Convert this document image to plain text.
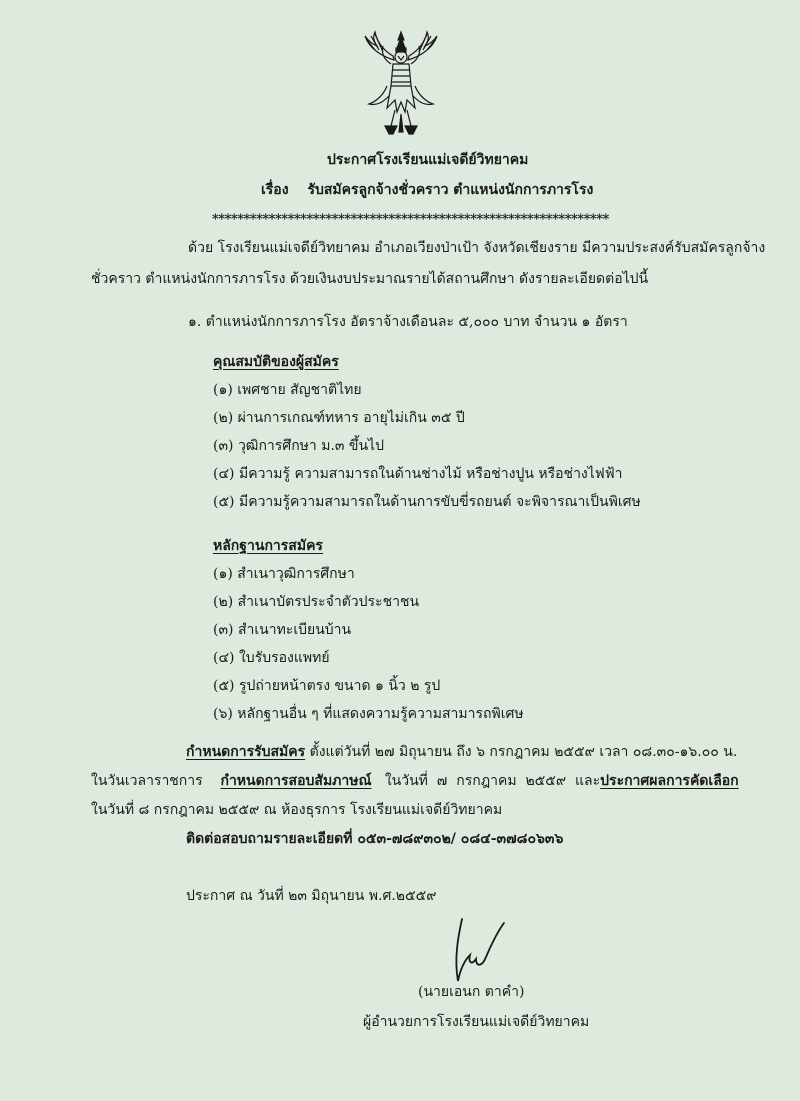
ประกาศโรงเรียนแม่เจดีย์วิทยาคม
เรื่อง รับสมัครลูกจ้างชั่วคราว ตำแหน่งนักการภารโรง
***************************************************************
ด้วย โรงเรียนแม่เจดีย์วิทยาคม อำเภอเวียงป่าเป้า จังหวัดเชียงราย มีความประสงค์รับสมัครลูกจ้าง
ชั่วคราว ตำแหน่งนักการภารโรง ด้วยเงินงบประมาณรายได้สถานศึกษา ดังรายละเอียดต่อไปนี้
๑. ตำแหน่งนักการภารโรง อัตราจ้างเดือนละ ๕,๐๐๐ บาท จำนวน ๑ อัตรา
คุณสมบัติของผู้สมัคร
(๑) เพศชาย สัญชาติไทย
(๒) ผ่านการเกณฑ์ทหาร อายุไม่เกิน ๓๕ ปี
(๓) วุฒิการศึกษา ม.๓ ขึ้นไป
(๔) มีความรู้ ความสามารถในด้านช่างไม้ หรือช่างปูน หรือช่างไฟฟ้า
(๕) มีความรู้ความสามารถในด้านการขับขี่รถยนต์ จะพิจารณาเป็นพิเศษ
หลักฐานการสมัคร
(๑) สำเนาวุฒิการศึกษา
(๒) สำเนาบัตรประจำตัวประชาชน
(๓) สำเนาทะเบียนบ้าน
(๔) ใบรับรองแพทย์
(๕) รูปถ่ายหน้าตรง ขนาด ๑ นิ้ว ๒ รูป
(๖) หลักฐานอื่น ๆ ที่แสดงความรู้ความสามารถพิเศษ
กำหนดการรับสมัคร ตั้งแต่วันที่ ๒๗ มิถุนายน ถึง ๖ กรกฎาคม ๒๕๕๙ เวลา ๐๘.๓๐-๑๖.๐๐ น.
ในวันเวลาราชการ    กำหนดการสอบสัมภาษณ์   ในวันที่  ๗  กรกฎาคม  ๒๕๕๙  และประกาศผลการคัดเลือก
ในวันที่ ๘ กรกฎาคม ๒๕๕๙ ณ ห้องธุรการ โรงเรียนแม่เจดีย์วิทยาคม
ติดต่อสอบถามรายละเอียดที่ ๐๕๓-๗๘๙๓๐๒/ ๐๘๔-๓๗๘๐๖๓๖
ประกาศ ณ วันที่ ๒๓ มิถุนายน พ.ศ.๒๕๕๙
(นายเอนก ตาคำ)
ผู้อำนวยการโรงเรียนแม่เจดีย์วิทยาคม
